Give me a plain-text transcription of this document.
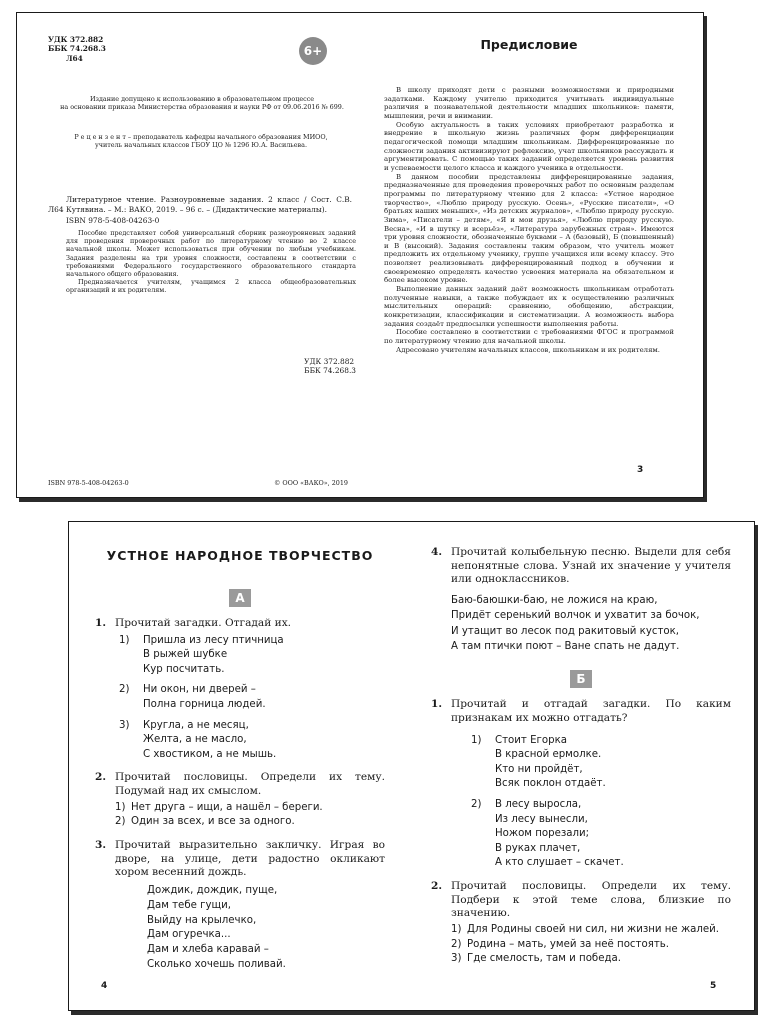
УДК 372.882
ББК 74.268.3
Л64
6+
Издание допущено к использованию в образовательном процессе
на основании приказа Министерства образования и науки РФ от 09.06.2016 № 699.
Р е ц е н з е н т – преподаватель кафедры начального образования МИОО,
учитель начальных классов ГБОУ ЦО № 1296 Ю.А. Васильева.
Л64
Литературное чтение. Разноуровневые задания. 2 класс / Сост. С.В. Кутявина. – М.: ВАКО, 2019. – 96 с. – (Дидактические материалы).
ISBN 978-5-408-04263-0

Пособие представляет собой универсальный сборник разноуровневых заданий для проведения проверочных работ по литературному чтению во 2 классе начальной школы. Может использоваться при обучении по любым учебникам. Задания разделены на три уровня сложности, составлены в соответствии с требованиями Федерального государственного образовательного стандарта начального общего образования.

Предназначается учителям, учащимся 2 класса общеобразовательных организаций и их родителям.

УДК 372.882
ББК 74.268.3
ISBN 978-5-408-04263-0	© ООО «ВАКО», 2019
Предисловие

В школу приходят дети с разными возможностями и природными задатками. Каждому учителю приходится учитывать индивидуальные различия в познавательной деятельности младших школьников: памяти, мышлении, речи и внимании.

Особую актуальность в таких условиях приобретают разработка и внедрение в школьную жизнь различных форм дифференциации педагогической помощи младшим школьникам. Дифференцированные по сложности задания активизируют рефлексию, учат школьников рассуждать и аргументировать. С помощью таких заданий определяется уровень развития и успеваемости целого класса и каждого ученика в отдельности.

В данном пособии представлены дифференцированные задания, предназначенные для проведения проверочных работ по основным разделам программы по литературному чтению для 2 класса: «Устное народное творчество», «Люблю природу русскую. Осень», «Русские писатели», «О братьях наших меньших», «Из детских журналов», «Люблю природу русскую. Зима», «Писатели – детям», «Я и мои друзья», «Люблю природу русскую. Весна», «И в шутку и всерьёз», «Литература зарубежных стран». Имеются три уровня сложности, обозначенные буквами – А (базовый), Б (повышенный) и В (высокий). Задания составлены таким образом, что учитель может предложить их отдельному ученику, группе учащихся или всему классу. Это позволяет реализовывать дифференцированный подход в обучении и своевременно определять качество усвоения материала на обязательном и более высоком уровне.

Выполнение данных заданий даёт возможность школьникам отработать полученные навыки, а также побуждает их к осуществлению различных мыслительных операций: сравнению, обобщению, абстракции, конкретизации, классификации и систематизации. А возможность выбора задания создаёт предпосылки успешности выполнения работы.

Пособие составлено в соответствии с требованиями ФГОС и программой по литературному чтению для начальной школы.

Адресовано учителям начальных классов, школьникам и их родителям.

3
УСТНОЕ НАРОДНОЕ ТВОРЧЕСТВО
А
1. Прочитай загадки. Отгадай их.
1)	Пришла из лесу птичница
В рыжей шубке
Кур посчитать.
2)	Ни окон, ни дверей –
Полна горница людей.
3)	Кругла, а не месяц,
Желта, а не масло,
С хвостиком, а не мышь.
2. Прочитай пословицы. Определи их тему. Подумай над их смыслом.
1) Нет друга – ищи, а нашёл – береги.
2) Один за всех, и все за одного.
3. Прочитай выразительно закличку. Играя во дворе, на улице, дети радостно окликают хором весенний дождь.
Дождик, дождик, пуще,
Дам тебе гущи,
Выйду на крылечко,
Дам огуречка...
Дам и хлеба каравай –
Сколько хочешь поливай.
4. Прочитай колыбельную песню. Выдели для себя непонятные слова. Узнай их значение у учителя или одноклассников.
Баю-баюшки-баю, не ложися на краю,
Придёт серенький волчок и ухватит за бочок,
И утащит во лесок под ракитовый кусток,
А там птички поют – Ване спать не дадут.
Б
1. Прочитай и отгадай загадки. По каким признакам их можно отгадать?
1)	Стоит Егорка
В красной ермолке.
Кто ни пройдёт,
Всяк поклон отдаёт.
2)	В лесу выросла,
Из лесу вынесли,
Ножом порезали;
В руках плачет,
А кто слушает – скачет.
2. Прочитай пословицы. Определи их тему. Подбери к этой теме слова, близкие по значению.
1) Для Родины своей ни сил, ни жизни не жалей.
2) Родина – мать, умей за неё постоять.
3) Где смелость, там и победа.
4	5
